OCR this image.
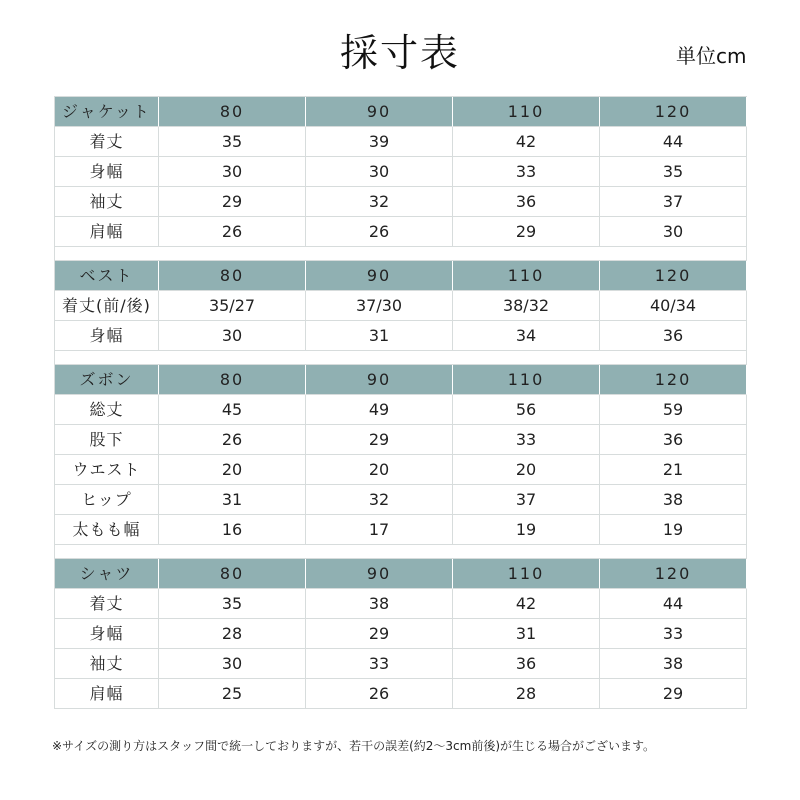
採寸表	単位cm
ジャケット	80	90	110	120
着丈	35	39	42	44
身幅	30	30	33	35
袖丈	29	32	36	37
肩幅	26	26	29	30
ベスト	80	90	110	120
着丈(前/後)	35/27	37/30	38/32	40/34
身幅	30	31	34	36
ズボン	80	90	110	120
総丈	45	49	56	59
股下	26	29	33	36
ウエスト	20	20	20	21
ヒップ	31	32	37	38
太もも幅	16	17	19	19
シャツ	80	90	110	120
着丈	35	38	42	44
身幅	28	29	31	33
袖丈	30	33	36	38
肩幅	25	26	28	29
※サイズの測り方はスタッフ間で統一しておりますが、若干の誤差(約2〜3cm前後)が生じる場合がございます。
